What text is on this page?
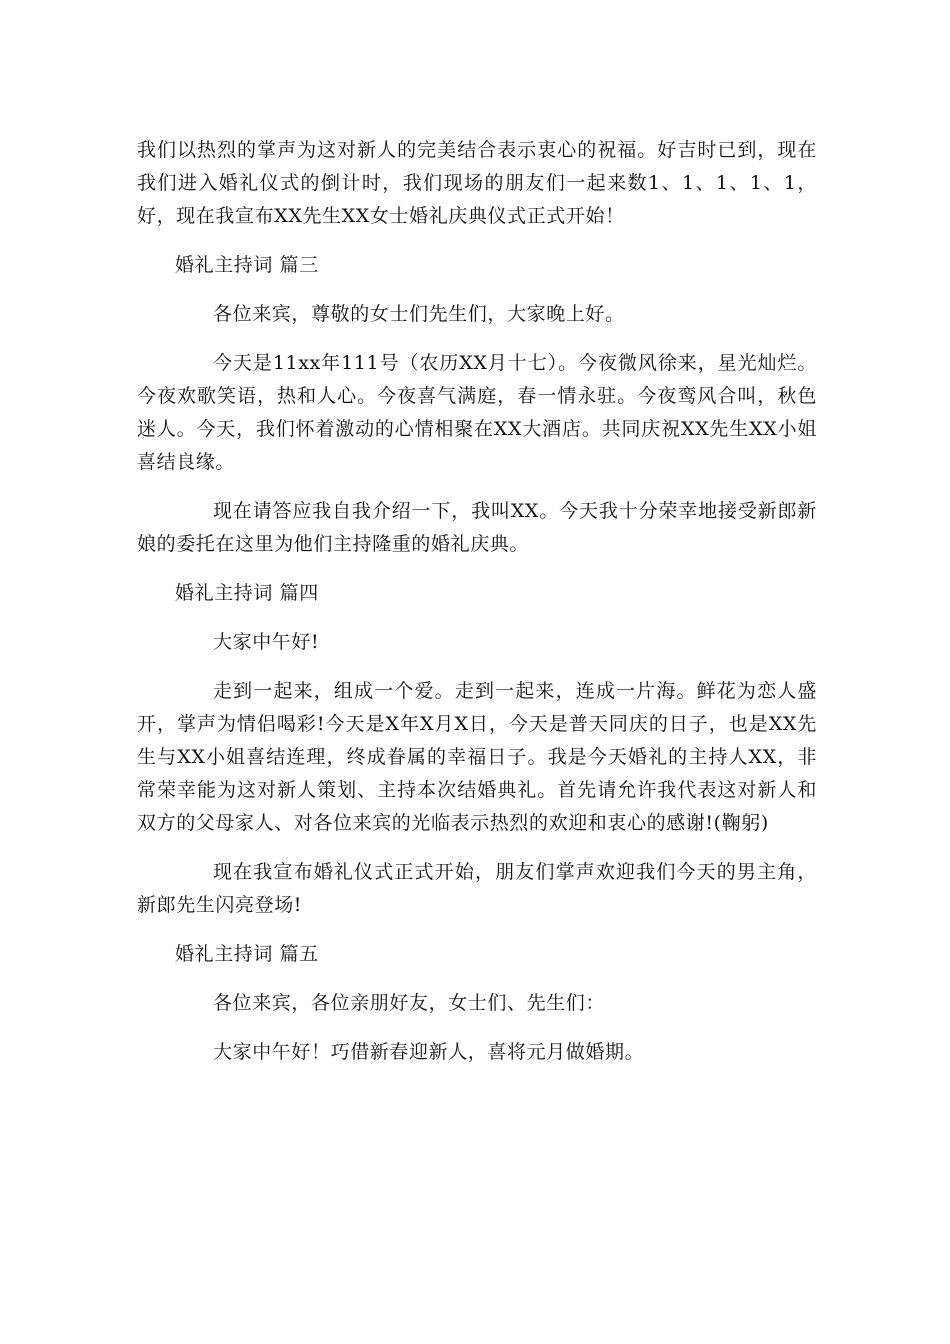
我们以热烈的掌声为这对新人的完美结合表示衷心的祝福。好吉时已到，现在我们进入婚礼仪式的倒计时，我们现场的朋友们一起来数1、1、1、1、1，好，现在我宣布XX先生XX女士婚礼庆典仪式正式开始！

婚礼主持词 篇三

各位来宾，尊敬的女士们先生们，大家晚上好。

今天是11xx年111号（农历XX月十七）。今夜微风徐来，星光灿烂。今夜欢歌笑语，热和人心。今夜喜气满庭，春一情永驻。今夜鸾风合叫，秋色迷人。今天，我们怀着激动的心情相聚在XX大酒店。共同庆祝XX先生XX小姐喜结良缘。

现在请答应我自我介绍一下，我叫XX。今天我十分荣幸地接受新郎新娘的委托在这里为他们主持隆重的婚礼庆典。

婚礼主持词 篇四

大家中午好!

走到一起来，组成一个爱。走到一起来，连成一片海。鲜花为恋人盛开，掌声为情侣喝彩!今天是X年X月X日，今天是普天同庆的日子，也是XX先生与XX小姐喜结连理，终成眷属的幸福日子。我是今天婚礼的主持人XX，非常荣幸能为这对新人策划、主持本次结婚典礼。首先请允许我代表这对新人和双方的父母家人、对各位来宾的光临表示热烈的欢迎和衷心的感谢!(鞠躬)

现在我宣布婚礼仪式正式开始，朋友们掌声欢迎我们今天的男主角，新郎先生闪亮登场!

婚礼主持词 篇五

各位来宾，各位亲朋好友，女士们、先生们：

大家中午好！巧借新春迎新人，喜将元月做婚期。
